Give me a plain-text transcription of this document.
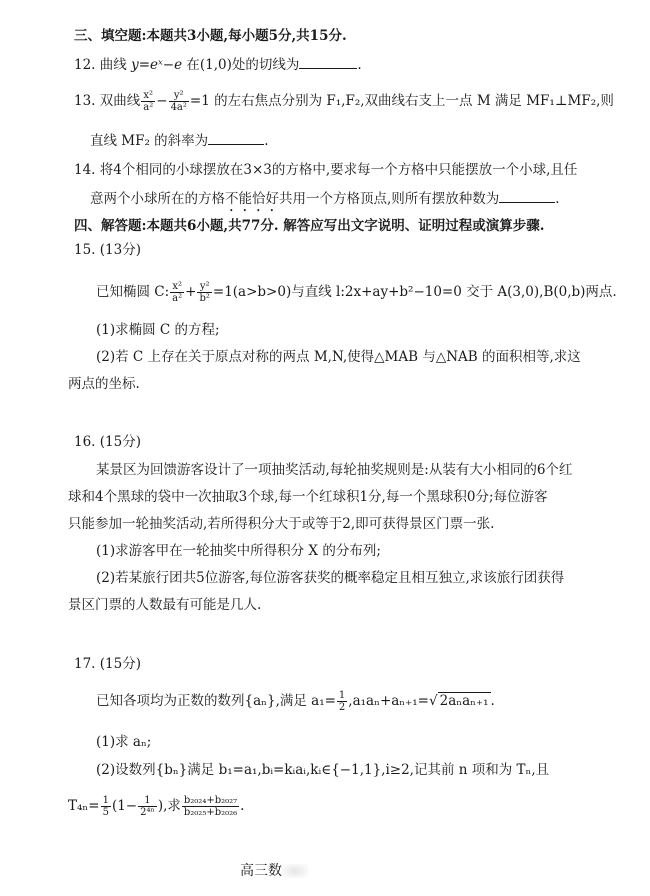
三、填空题:本题共3小题,每小题5分,共15分.
12. 曲线 y=eˣ−e 在(1,0)处的切线为	.
13. 双曲线 $\frac{\text{x²}}{\text{a²}} - \frac{\text{y²}}{\text{4a²}} =1$ 的左右焦点分别为 F₁,F₂,双曲线右支上一点 M 满足 MF₁⊥MF₂,则
直线 MF₂ 的斜率为	.
14. 将4个相同的小球摆放在3×3的方格中,要求每一个方格中只能摆放一个小球,且任
意两个小球所在的方格不能恰好共用一个方格顶点,则所有摆放种数为	.
四、解答题:本题共6小题,共77分. 解答应写出文字说明、证明过程或演算步骤.
15. (13分)
已知椭圆 C: $\frac{\text{x²}}{\text{a²}} + \frac{\text{y²}}{\text{b²}} =1(a>b>0)$与直线 l:2x+ay+b²−10=0 交于 A(3,0),B(0,b)两点.
(1)求椭圆 C 的方程;
(2)若 C 上存在关于原点对称的两点 M,N,使得△MAB 与△NAB 的面积相等,求这
两点的坐标.
16. (15分)
某景区为回馈游客设计了一项抽奖活动,每轮抽奖规则是:从装有大小相同的6个红
球和4个黑球的袋中一次抽取3个球,每一个红球积1分,每一个黑球积0分;每位游客
只能参加一轮抽奖活动,若所得积分大于或等于2,即可获得景区门票一张.
(1)求游客甲在一轮抽奖中所得积分 X 的分布列;
(2)若某旅行团共5位游客,每位游客获奖的概率稳定且相互独立,求该旅行团获得
景区门票的人数最有可能是几人.
17. (15分)
已知各项均为正数的数列{aₙ},满足 $a_1= \frac{1}{2} ,a_1a_n+a_{n+1}=√$ 2aₙaₙ₊₁ .
(1)求 aₙ;
(2)设数列{bₙ}满足 b₁=a₁,bᵢ=kᵢaᵢ,kᵢ∈{−1,1},i≥2,记其前 n 项和为 Tₙ,且
$T_{4n}= \frac{1}{5} (1- \frac{1}{\text{2⁴ⁿ}}$ ),求 $\frac{\text{b₂₀₂₄+b₂₀₂₇}}{\text{b₂₀₂₅+b₂₀₂₆}}$ .
高三数
